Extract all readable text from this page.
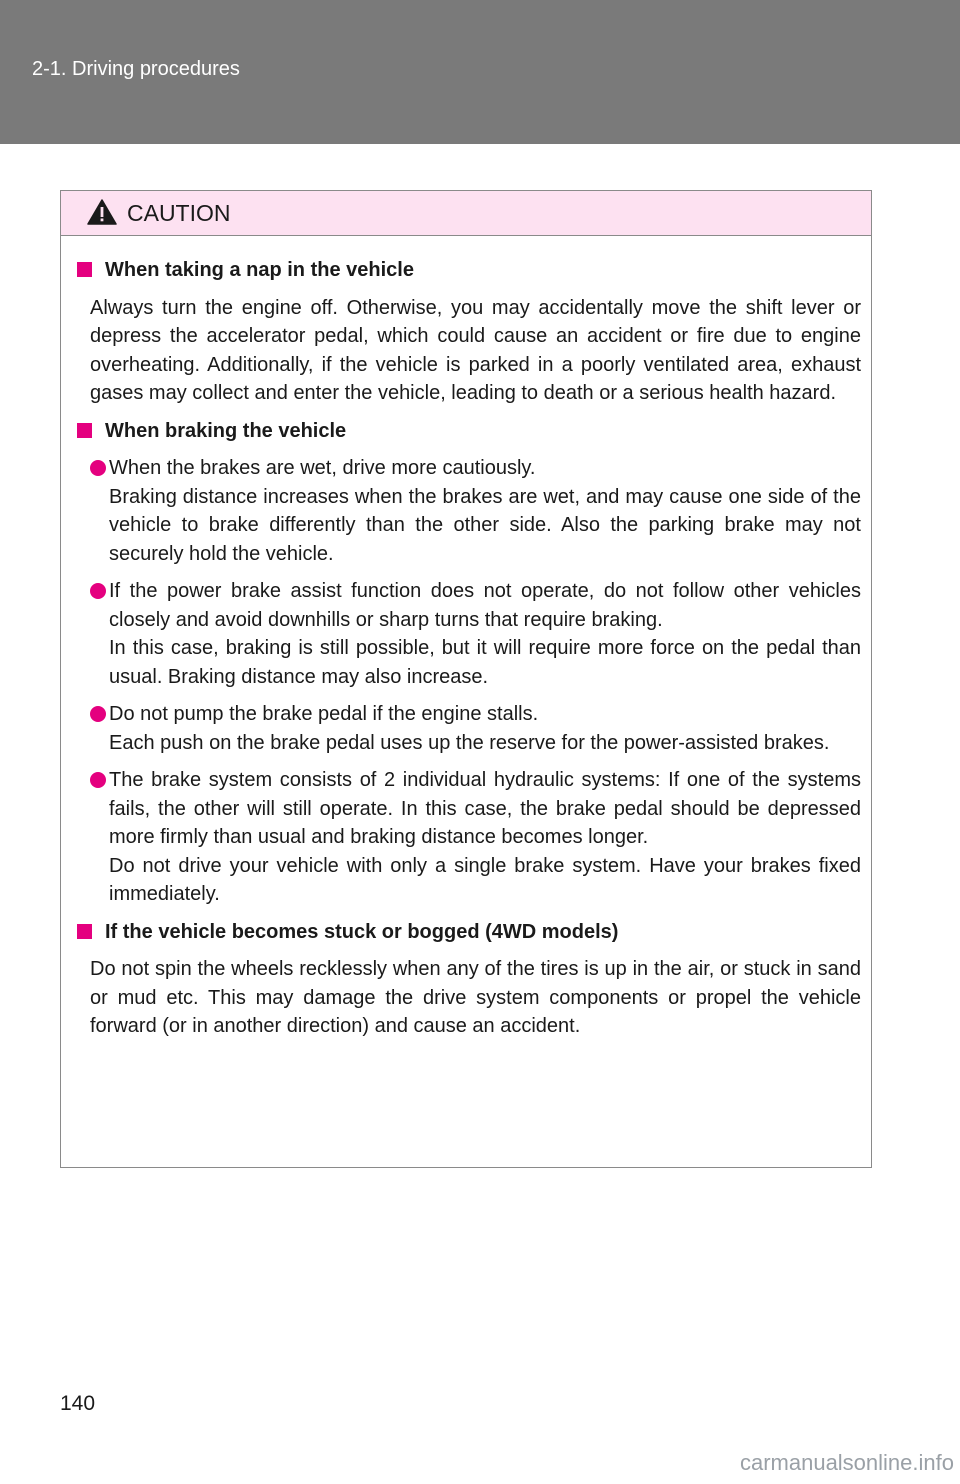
2-1. Driving procedures
CAUTION
When taking a nap in the vehicle
Always turn the engine off. Otherwise, you may accidentally move the shift lever or depress the accelerator pedal, which could cause an accident or fire due to engine overheating. Additionally, if the vehicle is parked in a poorly ventilated area, exhaust gases may collect and enter the vehicle, leading to death or a serious health hazard.
When braking the vehicle
When the brakes are wet, drive more cautiously.
Braking distance increases when the brakes are wet, and may cause one side of the vehicle to brake differently than the other side. Also the parking brake may not securely hold the vehicle.
If the power brake assist function does not operate, do not follow other vehicles closely and avoid downhills or sharp turns that require braking.
In this case, braking is still possible, but it will require more force on the pedal than usual. Braking distance may also increase.
Do not pump the brake pedal if the engine stalls.
Each push on the brake pedal uses up the reserve for the power-assisted brakes.
The brake system consists of 2 individual hydraulic systems: If one of the systems fails, the other will still operate. In this case, the brake pedal should be depressed more firmly than usual and braking distance becomes longer.
Do not drive your vehicle with only a single brake system. Have your brakes fixed immediately.
If the vehicle becomes stuck or bogged (4WD models)
Do not spin the wheels recklessly when any of the tires is up in the air, or stuck in sand or mud etc. This may damage the drive system components or propel the vehicle forward (or in another direction) and cause an accident.
140
carmanualsonline.info
